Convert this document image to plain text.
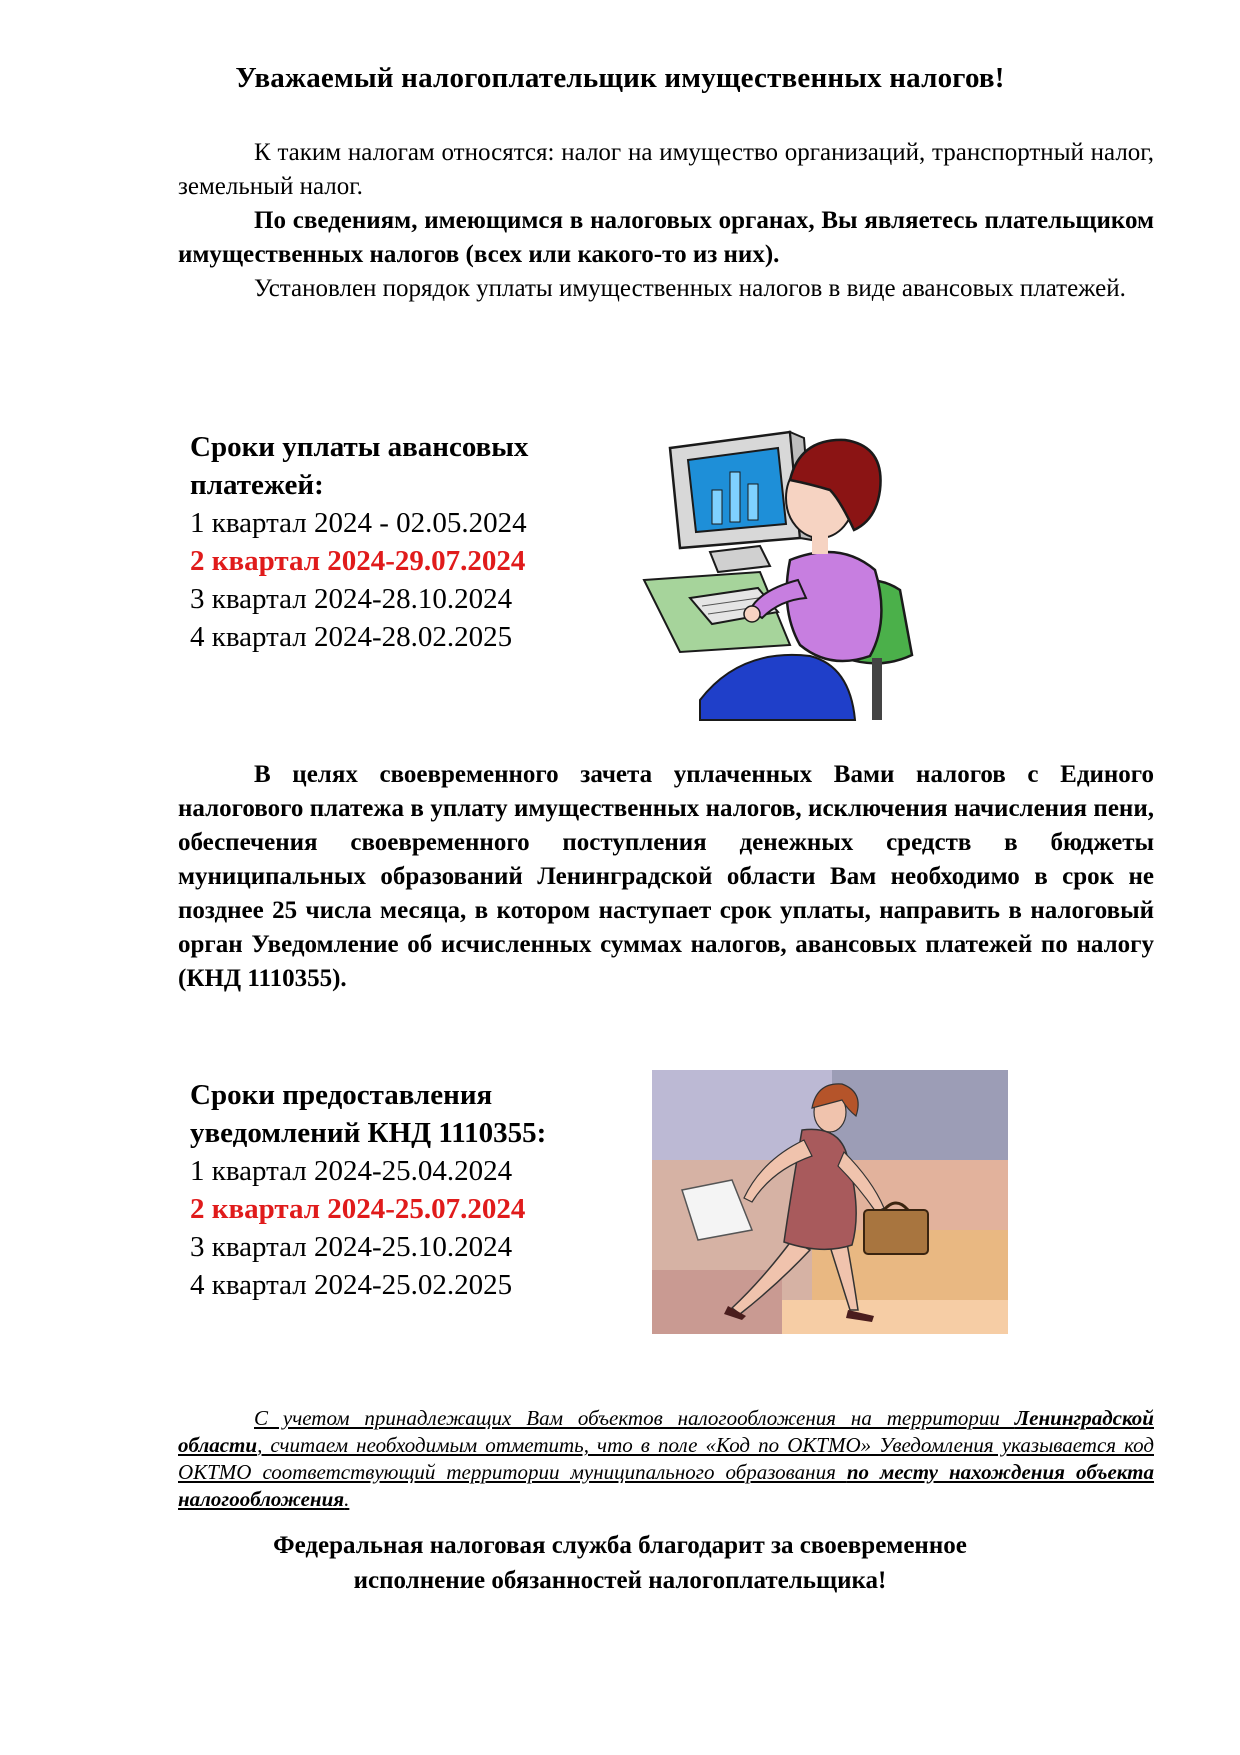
Уважаемый налогоплательщик имущественных налогов!
К таким налогам относятся: налог на имущество организаций, транспортный налог, земельный налог.
По сведениям, имеющимся в налоговых органах, Вы являетесь плательщиком имущественных налогов (всех или какого-то из них).
Установлен порядок уплаты имущественных налогов в виде авансовых платежей.
Сроки уплаты авансовых
платежей:
1 квартал 2024 - 02.05.2024
2 квартал 2024-29.07.2024
3 квартал 2024-28.10.2024
4 квартал 2024-28.02.2025
В целях своевременного зачета уплаченных Вами налогов с Единого налогового платежа в уплату имущественных налогов, исключения начисления пени, обеспечения своевременного поступления денежных средств в бюджеты муниципальных образований Ленинградской области Вам необходимо в срок не позднее 25 числа месяца, в котором наступает срок уплаты, направить в налоговый орган Уведомление об исчисленных суммах налогов, авансовых платежей по налогу (КНД 1110355).
Сроки предоставления
уведомлений КНД 1110355:
1 квартал 2024-25.04.2024
2 квартал 2024-25.07.2024
3 квартал 2024-25.10.2024
4 квартал 2024-25.02.2025
С учетом принадлежащих Вам объектов налогообложения на территории Ленинградской области, считаем необходимым отметить, что в поле «Код по ОКТМО» Уведомления указывается код ОКТМО соответствующий территории муниципального образования по месту нахождения объекта налогообложения.
Федеральная налоговая служба благодарит за своевременное
исполнение обязанностей налогоплательщика!
